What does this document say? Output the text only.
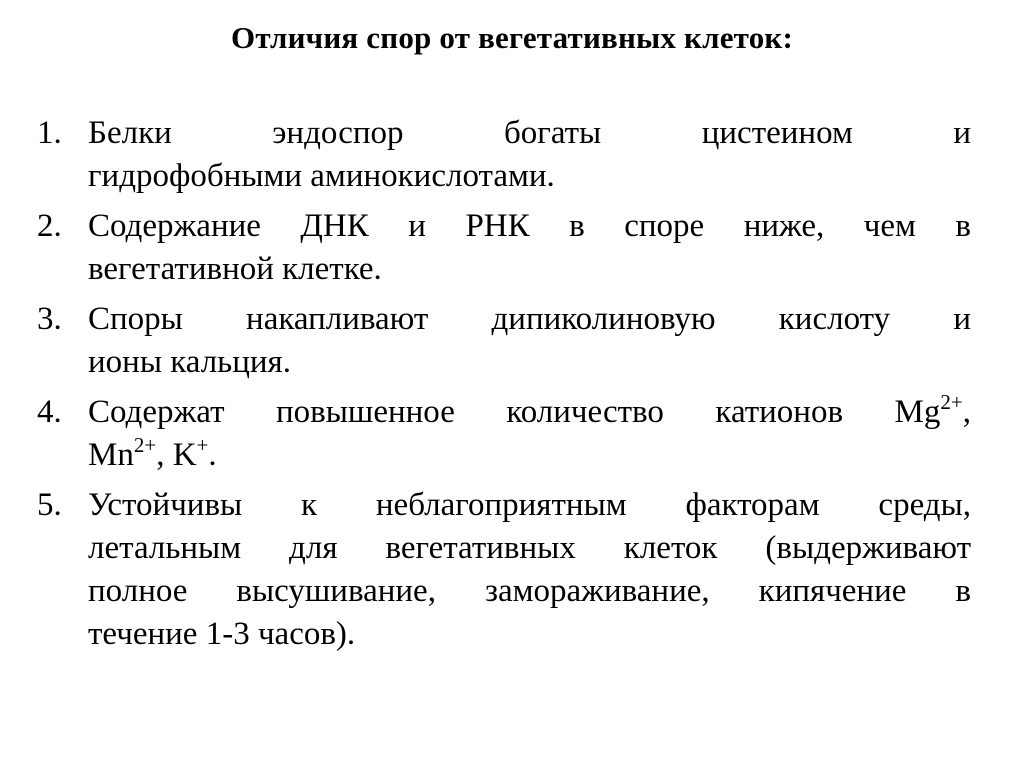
Отличия спор от вегетативных клеток:
1. Белки эндоспор богаты цистеином и
гидрофобными аминокислотами.
2. Содержание ДНК и РНК в споре ниже, чем в
вегетативной клетке.
3. Споры накапливают дипиколиновую кислоту и
ионы кальция.
4. Содержат повышенное количество катионов $Mg^{2+}$,
$Mn^{2+}$, K+.
5. Устойчивы к неблагоприятным факторам среды,
летальным для вегетативных клеток (выдерживают
полное высушивание, замораживание, кипячение в
течение 1-3 часов).
